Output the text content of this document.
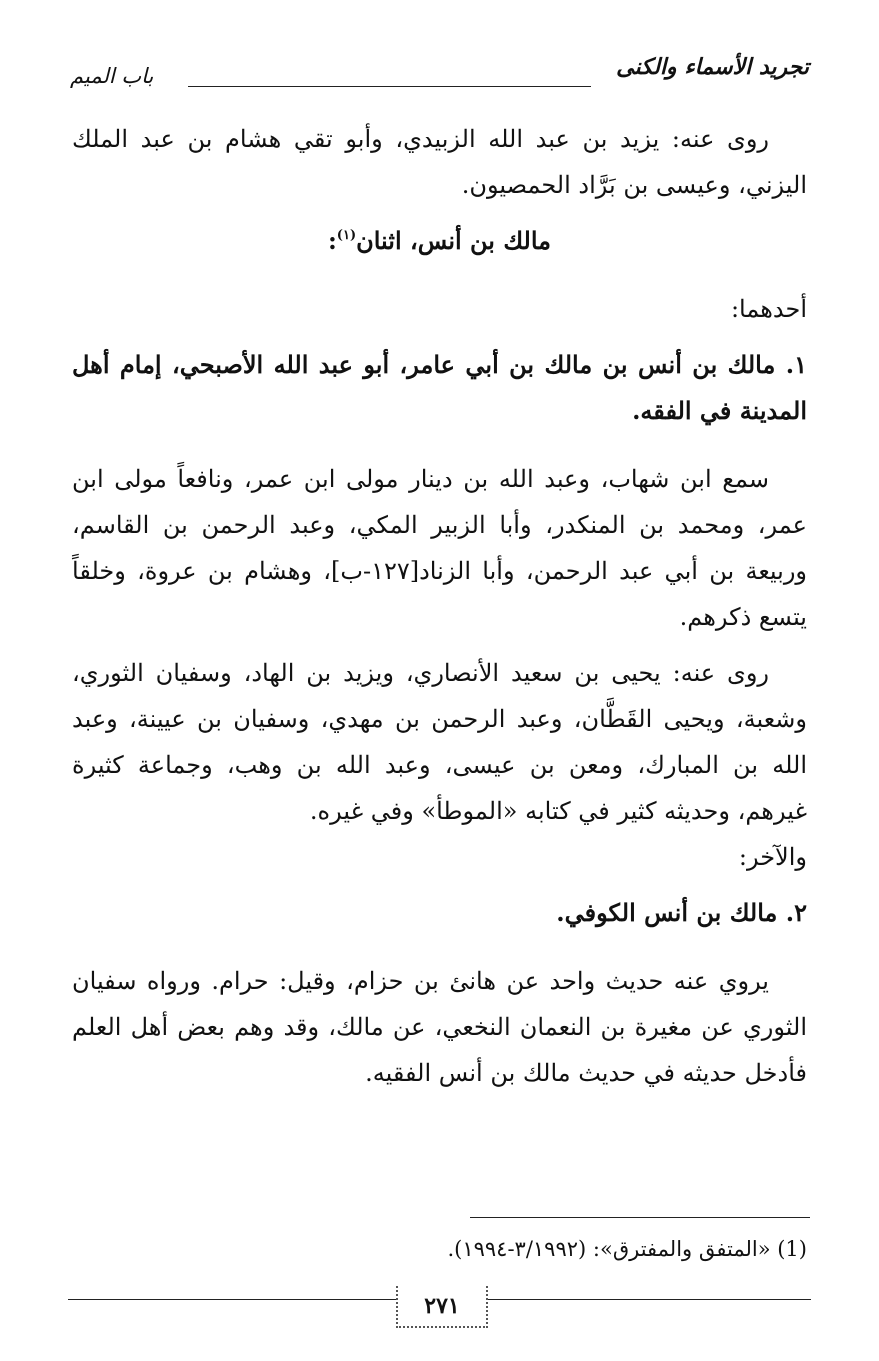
تجريد الأسماء والكنى
باب الميم

روى عنه: يزيد بن عبد الله الزبيدي، وأبو تقي هشام بن عبد الملك اليزني، وعيسى بن بَرَّاد الحمصيون.

مالك بن أنس، اثنان$^{(١)}$:

أحدهما:

١. مالك بن أنس بن مالك بن أبي عامر، أبو عبد الله الأصبحي، إمام أهل المدينة في الفقه.

سمع ابن شهاب، وعبد الله بن دينار مولى ابن عمر، ونافعاً مولى ابن عمر، ومحمد بن المنكدر، وأبا الزبير المكي، وعبد الرحمن بن القاسم، وربيعة بن أبي عبد الرحمن، وأبا الزناد[١٢٧-ب]، وهشام بن عروة، وخلقاً يتسع ذكرهم.

روى عنه: يحيى بن سعيد الأنصاري، ويزيد بن الهاد، وسفيان الثوري، وشعبة، ويحيى القَطَّان، وعبد الرحمن بن مهدي، وسفيان بن عيينة، وعبد الله بن المبارك، ومعن بن عيسى، وعبد الله بن وهب، وجماعة كثيرة غيرهم، وحديثه كثير في كتابه «الموطأ» وفي غيره.

والآخر:

٢. مالك بن أنس الكوفي.

يروي عنه حديث واحد عن هانئ بن حزام، وقيل: حرام. ورواه سفيان الثوري عن مغيرة بن النعمان النخعي، عن مالك، وقد وهم بعض أهل العلم فأدخل حديثه في حديث مالك بن أنس الفقيه.

(1) «المتفق والمفترق»: (٣/١٩٩٢-١٩٩٤).
٢٧١
